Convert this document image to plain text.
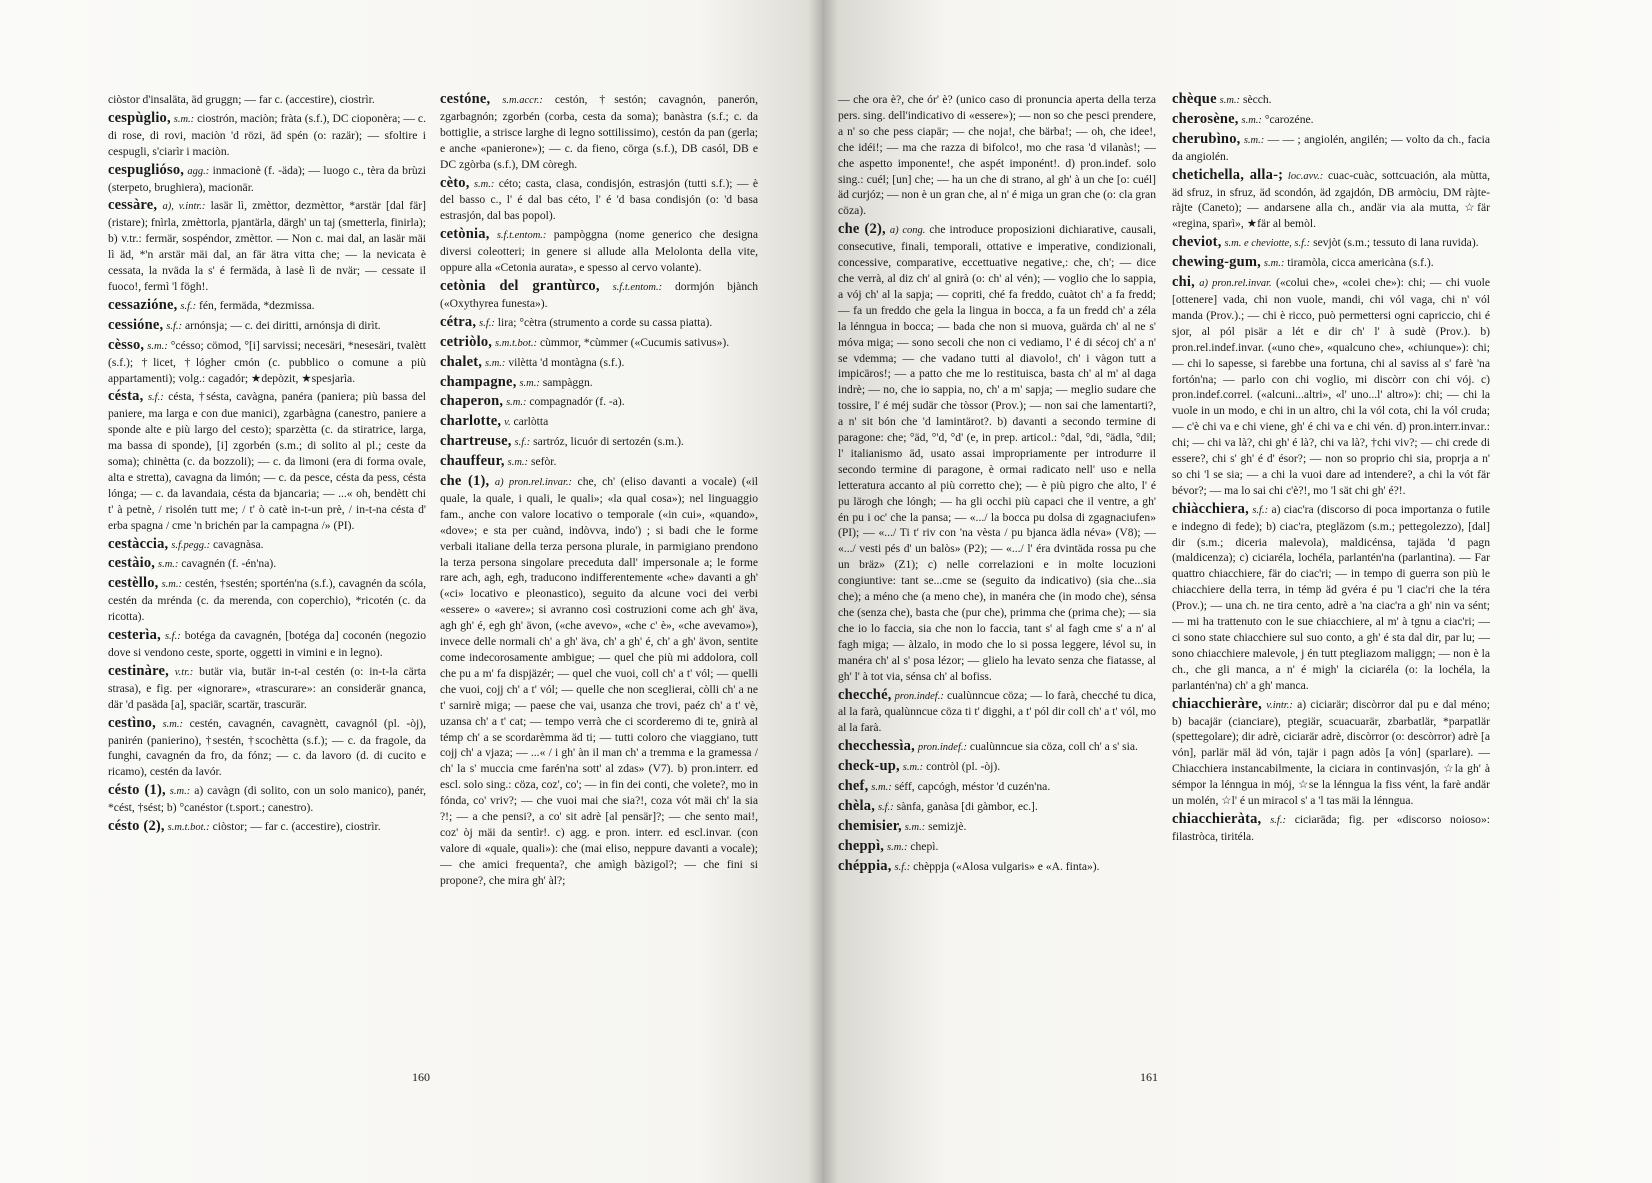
ciòstor d'insaläta, äd gruggn; — far c. (accestire), ciostrìr.

cespùglio, s.m.: ciostrón, maciòn; fràta (s.f.), DC cioponèra; — c. di rose, di rovi, maciòn 'd rözi, äd spén (o: razär); — sfoltire i cespugli, s'ciarìr i maciòn.

cespuglióso, agg.: inmacionè (f. -äda); — luogo c., tèra da brùzi (sterpeto, brughiera), macionär.

cessàre, a), v.intr.: lasär lì, zmèttor, dezmèttor, *arstär [dal fär] (ristare); fnìrla, zmèttorla, pjantärla, därgh' un taj (smetterla, finirla); b) v.tr.: fermär, sospéndor, zmèttor. — Non c. mai dal, an lasär mäi lì äd, *'n arstär mäi dal, an fär ätra vitta che; — la nevicata è cessata, la nväda la s' é fermäda, à lasè lì de nvär; — cessate il fuoco!, fermì 'l fögh!.

cessazióne, s.f.: fén, fermäda, *dezmissa.

cessióne, s.f.: arnónsja; — c. dei diritti, arnónsja di dirìt.

cèsso, s.m.: °césso; cömod, °[i] sarvissi; necesäri, *nesesäri, tvalètt (s.f.); †licet, †lógher cmón (c. pubblico o comune a più appartamenti); volg.: cagadór; ★depòzit, ★spesjarìa.

césta, s.f.: césta, †sésta, cavàgna, panéra (paniera; più bassa del paniere, ma larga e con due manici), zgarbàgna (canestro, paniere a sponde alte e più largo del cesto); sparzètta (c. da stiratrice, larga, ma bassa di sponde), [i] zgorbén (s.m.; di solito al pl.; ceste da soma); chinètta (c. da bozzoli); — c. da limoni (era di forma ovale, alta e stretta), cavagna da limón; — c. da pesce, césta da pess, césta lónga; — c. da lavandaia, césta da bjancaria; — ...« oh, bendètt chi t' à petnè, / risolén tutt me; / t' ò catè in-t-un prè, / in-t-na césta d' erba spagna / cme 'n brichén par la campagna /» (PI).

cestàccia, s.f.pegg.: cavagnàsa.

cestàio, s.m.: cavagnén (f. -én'na).

cestèllo, s.m.: cestén, †sestén; sportén'na (s.f.), cavagnén da scóla, cestén da mrénda (c. da merenda, con coperchio), *ricotén (c. da ricotta).

cesterìa, s.f.: botéga da cavagnén, [botéga da] coconén (negozio dove si vendono ceste, sporte, oggetti in vimini e in legno).

cestinàre, v.tr.: butär via, butär in-t-al cestén (o: in-t-la cärta strasa), e fig. per «ignorare», «trascurare»: an considerär gnanca, där 'd pasäda [a], spaciär, scartär, trascurär.

cestìno, s.m.: cestén, cavagnén, cavagnètt, cavagnól (pl. -òj), panirén (panierino), †sestén, †scochètta (s.f.); — c. da fragole, da funghi, cavagnén da fro, da fónz; — c. da lavoro (d. di cucito e ricamo), cestén da lavór.

césto (1), s.m.: a) cavàgn (di solito, con un solo manico), panér, *cést, †sést; b) °canéstor (t.sport.; canestro).

césto (2), s.m.t.bot.: ciòstor; — far c. (accestire), ciostrìr.

cestóne, s.m.accr.: cestón, †sestón; cavagnón, panerón, zgarbagnón; zgorbén (corba, cesta da soma); banàstra (s.f.; c. da bottiglie, a strisce larghe di legno sottilissimo), cestón da pan (gerla; e anche «panierone»); — c. da fieno, cörga (s.f.), DB casól, DB e DC zgòrba (s.f.), DM còregh.

cèto, s.m.: céto; casta, clasa, condisjón, estrasjón (tutti s.f.); — è del basso c., l' é dal bas céto, l' é 'd basa condisjón (o: 'd basa estrasjón, dal bas popol).

cetònia, s.f.t.entom.: pampòggna (nome generico che designa diversi coleotteri; in genere si allude alla Melolonta della vite, oppure alla «Cetonia aurata», e spesso al cervo volante).

cetònia del grantùrco, s.f.t.entom.: dormjón bjànch («Oxythyrea funesta»).

cétra, s.f.: lira; °cètra (strumento a corde su cassa piatta).

cetriòlo, s.m.t.bot.: cùmmor, *cùmmer («Cucumis sativus»).

chalet, s.m.: vilètta 'd montàgna (s.f.).

champagne, s.m.: sampàggn.

chaperon, s.m.: compagnadór (f. -a).

charlotte, v. carlòtta

chartreuse, s.f.: sartróz, licuór di sertozén (s.m.).

chauffeur, s.m.: sefòr.

che (1), a) pron.rel.invar.: che, ch' (eliso davanti a vocale) («il quale, la quale, i quali, le quali»; «la qual cosa»); nel linguaggio fam., anche con valore locativo o temporale («in cui», «quando», «dove»; e sta per cuànd, indòvva, indo') ; si badi che le forme verbali italiane della terza persona plurale, in parmigiano prendono la terza persona singolare preceduta dall' impersonale a; le forme rare ach, agh, egh, traducono indifferentemente «che» davanti a gh' («ci» locativo e pleonastico), seguito da alcune voci dei verbi «essere» o «avere»; si avranno così costruzioni come ach gh' äva, agh gh' é, egh gh' ävon, («che avevo», «che c' è», «che avevamo»), invece delle normali ch' a gh' äva, ch' a gh' é, ch' a gh' ävon, sentite come indecorosamente ambigue; — quel che più mi addolora, coll che pu a m' fa dispjäzér; — quel che vuoi, coll ch' a t' vól; — quelli che vuoi, cojj ch' a t' vól; — quelle che non sceglierai, còlli ch' a ne t' sarnirè miga; — paese che vai, usanza che trovi, paéz ch' a t' vè, uzansa ch' a t' cat; — tempo verrà che ci scorderemo di te, gnirà al témp ch' a se scordarèmma äd ti; — tutti coloro che viaggiano, tutt cojj ch' a vjaza; — ...« / i gh' àn il man ch' a tremma e la gramessa / ch' la s' muccia cme farén'na sott' al zdas» (V7). b) pron.interr. ed escl. solo sing.: cöza, coz', co'; — in fin dei conti, che volete?, mo in fónda, co' vriv?; — che vuoi mai che sia?!, coza vót mäi ch' la sia ?!; — a che pensi?, a co' sit adrè [al pensär]?; — che sento mai!, coz' òj mäi da sentìr!. c) agg. e pron. interr. ed escl.invar. (con valore di «quale, quali»): che (mai eliso, neppure davanti a vocale); — che amici frequenta?, che amìgh bàzigol?; — che fini si propone?, che mira gh' àl?;

— che ora è?, che ór' è? (unico caso di pronuncia aperta della terza pers. sing. dell'indicativo di «essere»); — non so che pesci prendere, a n' so che pess ciapär; — che noja!, che bärba!; — oh, che idee!, che idéi!; — ma che razza di bifolco!, mo che rasa 'd vilanàs!; — che aspetto imponente!, che aspét imponént!. d) pron.indef. solo sing.: cuél; [un] che; — ha un che di strano, al gh' à un che [o: cuél] äd curjóz; — non è un gran che, al n' é miga un gran che (o: cla gran cöza).

che (2), a) cong. che introduce proposizioni dichiarative, causali, consecutive, finali, temporali, ottative e imperative, condizionali, concessive, comparative, eccettuative negative,: che, ch'; — dice che verrà, al diz ch' al gnirà (o: ch' al vén); — voglio che lo sappia, a vój ch' al la sapja; — copriti, ché fa freddo, cuàtot ch' a fa fredd; — fa un freddo che gela la lingua in bocca, a fa un fredd ch' a zéla la lénngua in bocca; — bada che non si muova, guärda ch' al ne s' móva miga; — sono secoli che non ci vediamo, l' é di sécoj ch' a n' se vdemma; — che vadano tutti al diavolo!, ch' i vàgon tutt a impicäros!; — a patto che me lo restituisca, basta ch' al m' al daga indrè; — no, che io sappia, no, ch' a m' sapja; — meglio sudare che tossire, l' é méj sudär che tòssor (Prov.); — non sai che lamentarti?, a n' sit bón che 'd lamintärot?. b) davanti a secondo termine di paragone: che; °äd, °'d, °d' (e, in prep. articol.: °dal, °di, °ädla, °dil; l' italianismo äd, usato assai impropriamente per introdurre il secondo termine di paragone, è ormai radicato nell' uso e nella letteratura accanto al più corretto che); — è più pigro che alto, l' é pu lärogh che lóngh; — ha gli occhi più capaci che il ventre, a gh' én pu i oc' che la pansa; — «.../ la bocca pu dolsa di zgagnaciufen» (PI); — «.../ Ti t' riv con 'na vèsta / pu bjanca ädla néva» (V8); — «.../ vesti pés d' un balòs» (P2); — «.../ l' éra dvintäda rossa pu che un bräz» (Z1); c) nelle correlazioni e in molte locuzioni congiuntive: tant se...cme se (seguito da indicativo) (sia che...sia che); a méno che (a meno che), in manéra che (in modo che), sénsa che (senza che), basta che (pur che), primma che (prima che); — sia che io lo faccia, sia che non lo faccia, tant s' al fagh cme s' a n' al fagh miga; — àlzalo, in modo che lo si possa leggere, lévol su, in manéra ch' al s' posa lézor; — glielo ha levato senza che fiatasse, al gh' l' à tot via, sénsa ch' al bofiss.

checché, pron.indef.: cualùnncue cöza; — lo farà, checché tu dica, al la farà, qualùnncue cöza ti t' digghi, a t' pól dir coll ch' a t' vól, mo al la farà.

checchessìa, pron.indef.: cualùnncue sia cöza, coll ch' a s' sia.

check-up, s.m.: contròl (pl. -òj).

chef, s.m.: séff, capcógh, méstor 'd cuzén'na.

chèla, s.f.: sànfa, ganàsa [di gàmbor, ec.].

chemisier, s.m.: semizjè.

cheppì, s.m.: chepì.

chéppia, s.f.: chèppja («Alosa vulgaris» e «A. finta»).

chèque s.m.: sècch.

cherosène, s.m.: °carozéne.

cherubìno, s.m.: — — ; angiolén, angilén; — volto da ch., facia da angiolén.

chetichella, alla-; loc.avv.: cuac-cuàc, sottcuación, ala mùtta, äd sfruz, in sfruz, äd scondón, äd zgajdón, DB armòciu, DM ràjte-ràjte (Caneto); — andarsene alla ch., andär via ala mutta, ☆fär «regina, sparì», ★fär al bemòl.

cheviot, s.m. e cheviotte, s.f.: sevjòt (s.m.; tessuto di lana ruvida).

chewing-gum, s.m.: tiramòla, cicca americàna (s.f.).

chi, a) pron.rel.invar. («colui che», «colei che»): chi; — chi vuole [ottenere] vada, chi non vuole, mandi, chi vól vaga, chi n' vól manda (Prov.).; — chi è ricco, può permettersi ogni capriccio, chi é sjor, al pól pisär a lét e dir ch' l' à sudè (Prov.). b) pron.rel.indef.invar. («uno che», «qualcuno che», «chiunque»): chi; — chi lo sapesse, si farebbe una fortuna, chi al saviss al s' farè 'na fortón'na; — parlo con chi voglio, mi discòrr con chi vój. c) pron.indef.correl. («alcuni...altri», «l' uno...l' altro»): chi; — chi la vuole in un modo, e chi in un altro, chi la vól cota, chi la vól cruda; — c'è chi va e chi viene, gh' é chi va e chi vén. d) pron.interr.invar.: chi; — chi va là?, chi gh' é là?, chi va là?, †chi viv?; — chi crede di essere?, chi s' gh' é d' ésor?; — non so proprio chi sia, proprja a n' so chi 'l se sia; — a chi la vuoi dare ad intendere?, a chi la vót fär bévor?; — ma lo sai chi c'è?!, mo 'l sät chi gh' é?!.

chiàcchiera, s.f.: a) ciac'ra (discorso di poca importanza o futile e indegno di fede); b) ciac'ra, ptegläzom (s.m.; pettegolezzo), [dal] dir (s.m.; diceria malevola), maldicénsa, tajäda 'd pagn (maldicenza); c) ciciaréla, lochéla, parlantén'na (parlantina). — Far quattro chiacchiere, fär do ciac'ri; — in tempo di guerra son più le chiacchiere della terra, in témp äd gvéra é pu 'l ciac'ri che la téra (Prov.); — una ch. ne tira cento, adrè a 'na ciac'ra a gh' nin va sént; — mi ha trattenuto con le sue chiacchiere, al m' à tgnu a ciac'ri; — ci sono state chiacchiere sul suo conto, a gh' é sta dal dir, par lu; — sono chiacchiere malevole, j én tutt ptegliazom maliggn; — non è la ch., che gli manca, a n' é migh' la ciciaréla (o: la lochéla, la parlantén'na) ch' a gh' manca.

chiacchieràre, v.intr.: a) ciciarär; discòrror dal pu e dal méno; b) bacajär (cianciare), ptegiär, scuacuarär, zbarbatlär, *parpatlär (spettegolare); dir adrè, ciciarär adrè, discòrror (o: descòrror) adrè [a vón], parlär mäl äd vón, tajär i pagn adòs [a vón] (sparlare). — Chiacchiera instancabilmente, la ciciara in continvasjón, ☆la gh' à sémpor la lénngua in mój, ☆se la lénngua la fiss vént, la farè andär un molén, ☆l' é un miracol s' a 'l tas mäi la lénngua.

chiacchieràta, s.f.: ciciaräda; fig. per «discorso noioso»: filastròca, tiritéla.

160	161
